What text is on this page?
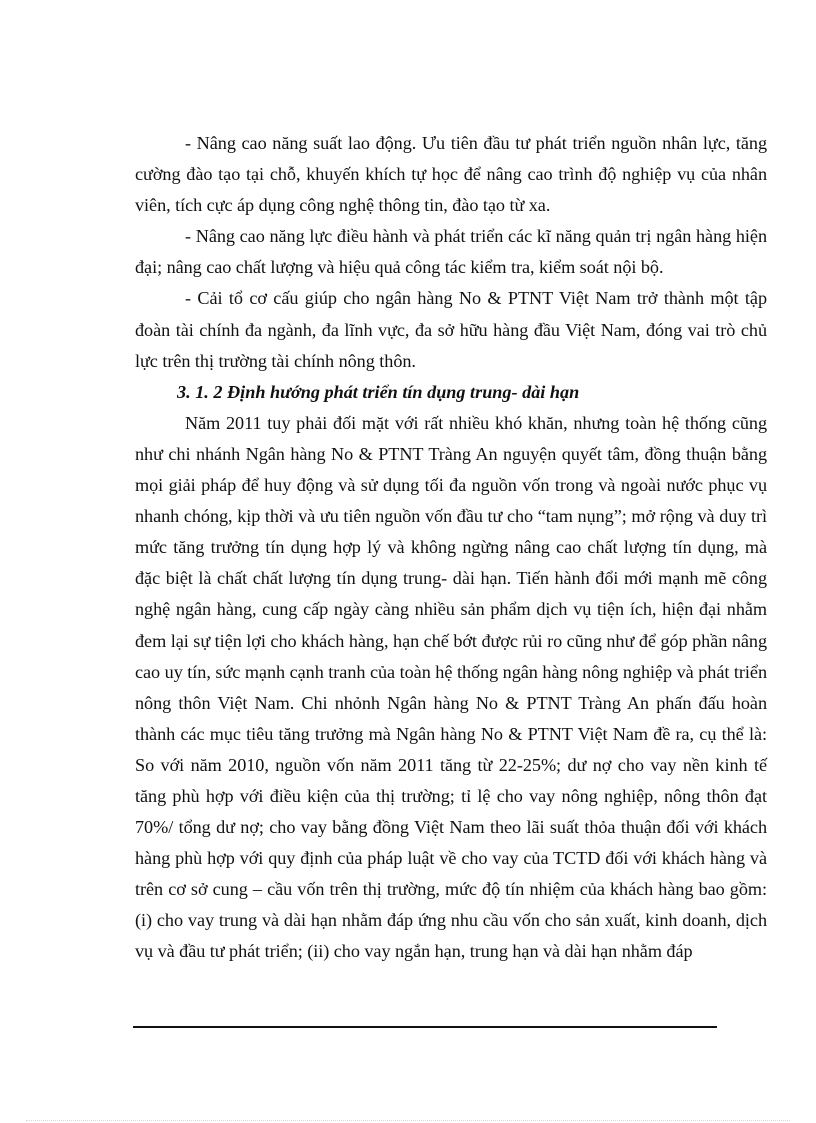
- Nâng cao năng suất lao động. Ưu tiên đầu tư phát triển nguồn nhân lực, tăng cường đào tạo tại chỗ, khuyến khích tự học để nâng cao trình độ nghiệp vụ của nhân viên, tích cực áp dụng công nghệ thông tin, đào tạo từ xa.

- Nâng cao năng lực điều hành và phát triển các kĩ năng quản trị ngân hàng hiện đại; nâng cao chất lượng và hiệu quả công tác kiểm tra, kiểm soát nội bộ.

- Cải tổ cơ cấu giúp cho ngân hàng No & PTNT Việt Nam trở thành một tập đoàn tài chính đa ngành, đa lĩnh vực, đa sở hữu hàng đầu Việt Nam, đóng vai trò chủ lực trên thị trường tài chính nông thôn.

3. 1. 2 Định hướng phát triển tín dụng trung- dài hạn

Năm 2011 tuy phải đối mặt với rất nhiều khó khăn, nhưng toàn hệ thống cũng như chi nhánh Ngân hàng No & PTNT Tràng An nguyện quyết tâm, đồng thuận bằng mọi giải pháp để huy động và sử dụng tối đa nguồn vốn trong và ngoài nước phục vụ nhanh chóng, kịp thời và ưu tiên nguồn vốn đầu tư cho “tam nụng”; mở rộng và duy trì mức tăng trưởng tín dụng hợp lý và không ngừng nâng cao chất lượng tín dụng, mà đặc biệt là chất chất lượng tín dụng trung- dài hạn. Tiến hành đổi mới mạnh mẽ công nghệ ngân hàng, cung cấp ngày càng nhiều sản phẩm dịch vụ tiện ích, hiện đại nhằm đem lại sự tiện lợi cho khách hàng, hạn chế bớt được rủi ro cũng như để góp phần nâng cao uy tín, sức mạnh cạnh tranh của toàn hệ thống ngân hàng nông nghiệp và phát triển nông thôn Việt Nam. Chi nhỏnh Ngân hàng No & PTNT Tràng An phấn đấu hoàn thành các mục tiêu tăng trưởng mà Ngân hàng No & PTNT Việt Nam đề ra, cụ thể là: So với năm 2010, nguồn vốn năm 2011 tăng từ 22-25%; dư nợ cho vay nền kinh tế tăng phù hợp với điều kiện của thị trường; tỉ lệ cho vay nông nghiệp, nông thôn đạt 70%/ tổng dư nợ; cho vay bằng đồng Việt Nam theo lãi suất thỏa thuận đối với khách hàng phù hợp với quy định của pháp luật về cho vay của TCTD đối với khách hàng và trên cơ sở cung – cầu vốn trên thị trường, mức độ tín nhiệm của khách hàng bao gồm: (i) cho vay trung và dài hạn nhằm đáp ứng nhu cầu vốn cho sản xuất, kinh doanh, dịch vụ và đầu tư phát triển; (ii) cho vay ngắn hạn, trung hạn và dài hạn nhằm đáp
